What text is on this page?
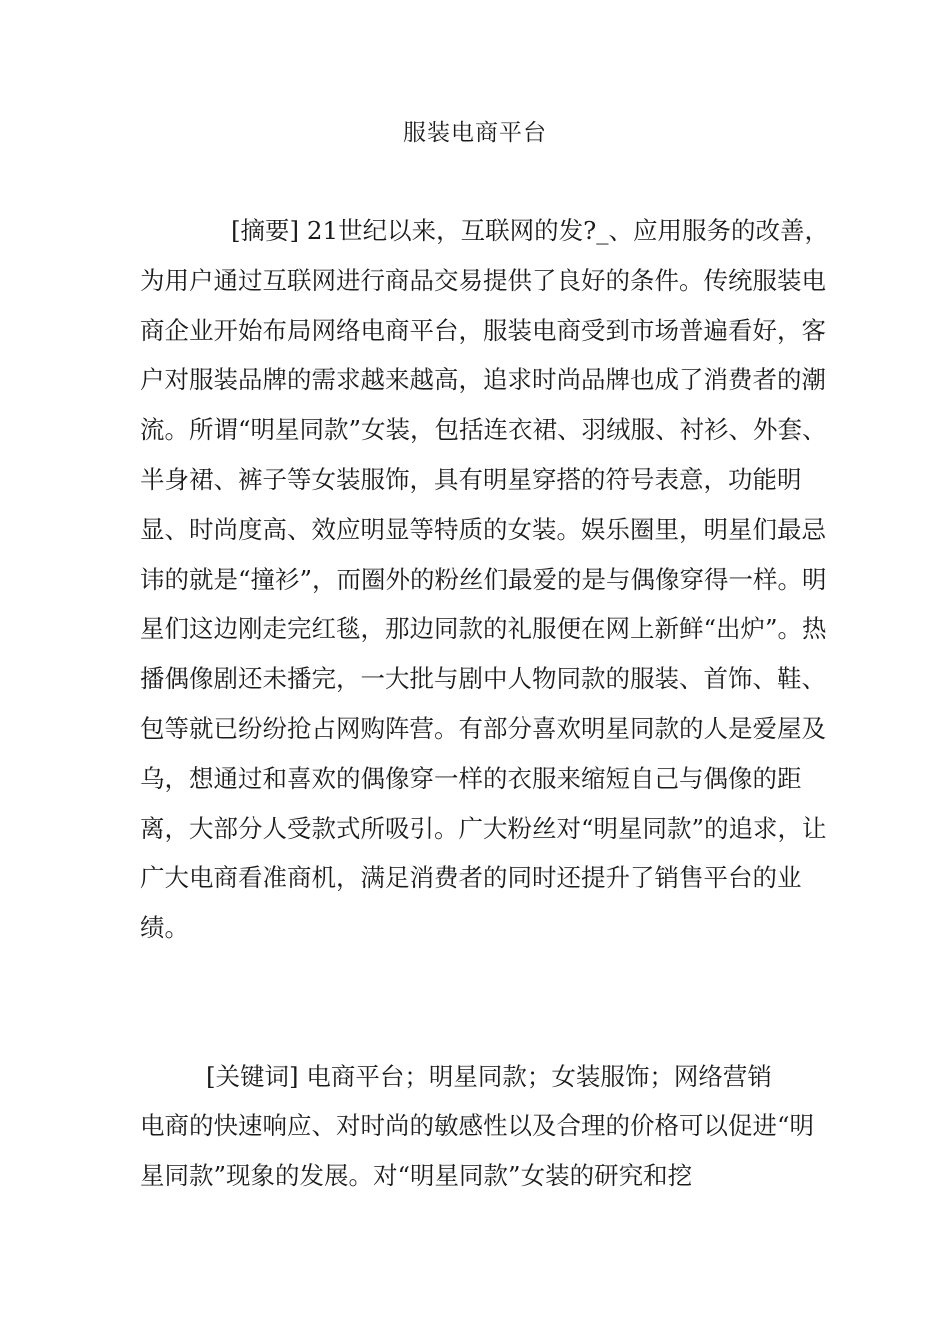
服装电商平台

[摘要] 21世纪以来，互联网的发?_、应用服务的改善，为用户通过互联网进行商品交易提供了良好的条件。传统服装电商企业开始布局网络电商平台，服装电商受到市场普遍看好，客户对服装品牌的需求越来越高，追求时尚品牌也成了消费者的潮流。所谓“明星同款”女装，包括连衣裙、羽绒服、衬衫、外套、半身裙、裤子等女装服饰，具有明星穿搭的符号表意，功能明显、时尚度高、效应明显等特质的女装。娱乐圈里，明星们最忌讳的就是“撞衫”，而圈外的粉丝们最爱的是与偶像穿得一样。明星们这边刚走完红毯，那边同款的礼服便在网上新鲜“出炉”。热播偶像剧还未播完，一大批与剧中人物同款的服装、首饰、鞋、包等就已纷纷抢占网购阵营。有部分喜欢明星同款的人是爱屋及乌，想通过和喜欢的偶像穿一样的衣服来缩短自己与偶像的距离，大部分人受款式所吸引。广大粉丝对“明星同款”的追求，让广大电商看准商机，满足消费者的同时还提升了销售平台的业绩。

[关键词] 电商平台；明星同款；女装服饰；网络营销

电商的快速响应、对时尚的敏感性以及合理的价格可以促进“明星同款”现象的发展。对“明星同款”女装的研究和挖
